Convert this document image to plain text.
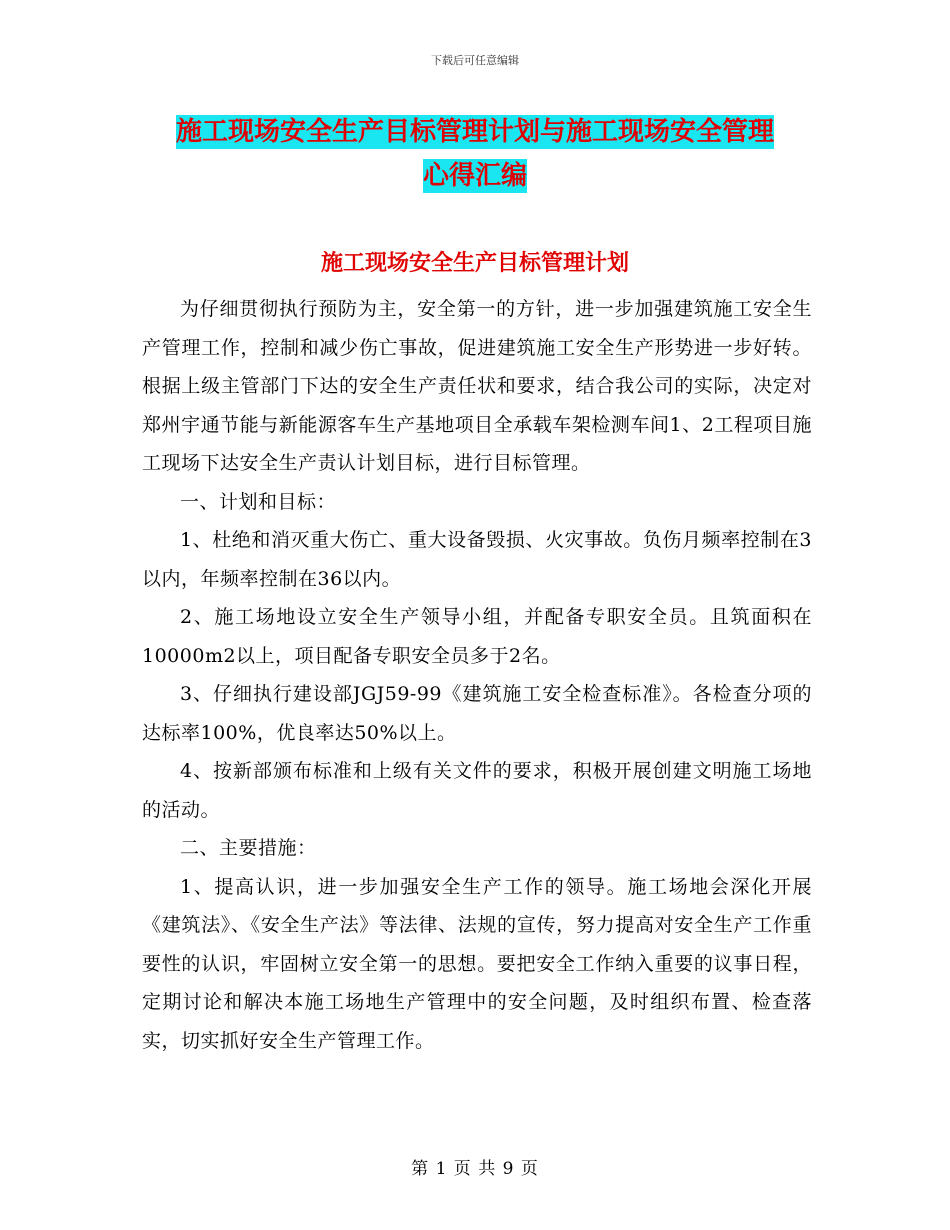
下载后可任意编辑
施工现场安全生产目标管理计划与施工现场安全管理
心得汇编
施工现场安全生产目标管理计划

为仔细贯彻执行预防为主，安全第一的方针，进一步加强建筑施工安全生产管理工作，控制和减少伤亡事故，促进建筑施工安全生产形势进一步好转。根据上级主管部门下达的安全生产责任状和要求，结合我公司的实际，决定对郑州宇通节能与新能源客车生产基地项目全承载车架检测车间1、2工程项目施工现场下达安全生产责认计划目标，进行目标管理。

一、计划和目标：

1、杜绝和消灭重大伤亡、重大设备毁损、火灾事故。负伤月频率控制在3以内，年频率控制在36以内。

2、施工场地设立安全生产领导小组，并配备专职安全员。且筑面积在10000m2以上，项目配备专职安全员多于2名。

3、仔细执行建设部JGJ59-99《建筑施工安全检查标准》。各检查分项的达标率100%，优良率达50%以上。

4、按新部颁布标准和上级有关文件的要求，积极开展创建文明施工场地的活动。

二、主要措施：

1、提高认识，进一步加强安全生产工作的领导。施工场地会深化开展《建筑法》、《安全生产法》等法律、法规的宣传，努力提高对安全生产工作重要性的认识，牢固树立安全第一的思想。要把安全工作纳入重要的议事日程，定期讨论和解决本施工场地生产管理中的安全问题，及时组织布置、检查落实，切实抓好安全生产管理工作。

第 1 页 共 9 页
